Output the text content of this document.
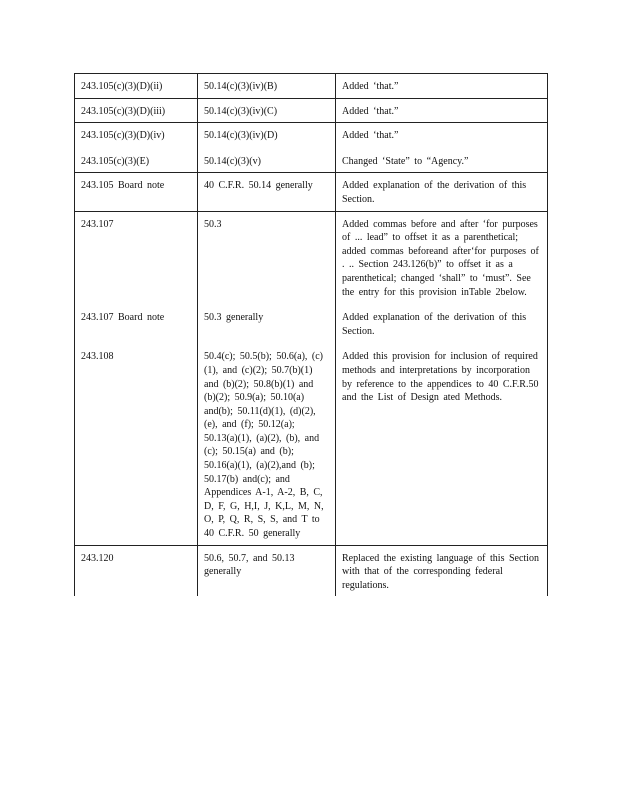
243.105(c)(3)(D)(ii)	50.14(c)(3)(iv)(B)	Added ‘that.”

243.105(c)(3)(D)(iii)	50.14(c)(3)(iv)(C)	Added ‘that.”

243.105(c)(3)(D)(iv)	50.14(c)(3)(iv)(D)	Added ‘that.”

243.105(c)(3)(E)	50.14(c)(3)(v)	Changed ‘State” to “Agency.”

243.105 Board note	40 C.F.R. 50.14 generally	Added explanation of the derivation of this Section.

243.107	50.3	Added commas before and after ‘for purposes of ... lead” to offset it as a parenthetical; added commas beforeand after‘for purposes of . .. Section 243.126(b)” to offset it as a parenthetical; changed ‘shall” to ‘must”. See the entry for this provision inTable 2below.

243.107 Board note	50.3 generally	Added explanation of the derivation of this Section.

243.108	50.4(c); 50.5(b); 50.6(a), (c)(1), and (c)(2); 50.7(b)(1) and (b)(2); 50.8(b)(1) and (b)(2); 50.9(a); 50.10(a) and(b); 50.11(d)(1), (d)(2), (e), and (f); 50.12(a); 50.13(a)(1), (a)(2), (b), and (c); 50.15(a) and (b); 50.16(a)(1), (a)(2),and (b); 50.17(b) and(c); and Appendices A-1, A-2, B, C, D, F, G, H,I, J, K,L, M, N, O, P, Q, R, S, S, and T to 40 C.F.R. 50 generally	Added this provision for inclusion of required methods and interpretations by incorporation by reference to the appendices to 40 C.F.R.50 and the List of Design ated Methods.

243.120	50.6, 50.7, and 50.13 generally	Replaced the existing language of this Section with that of the corresponding federal regulations.
